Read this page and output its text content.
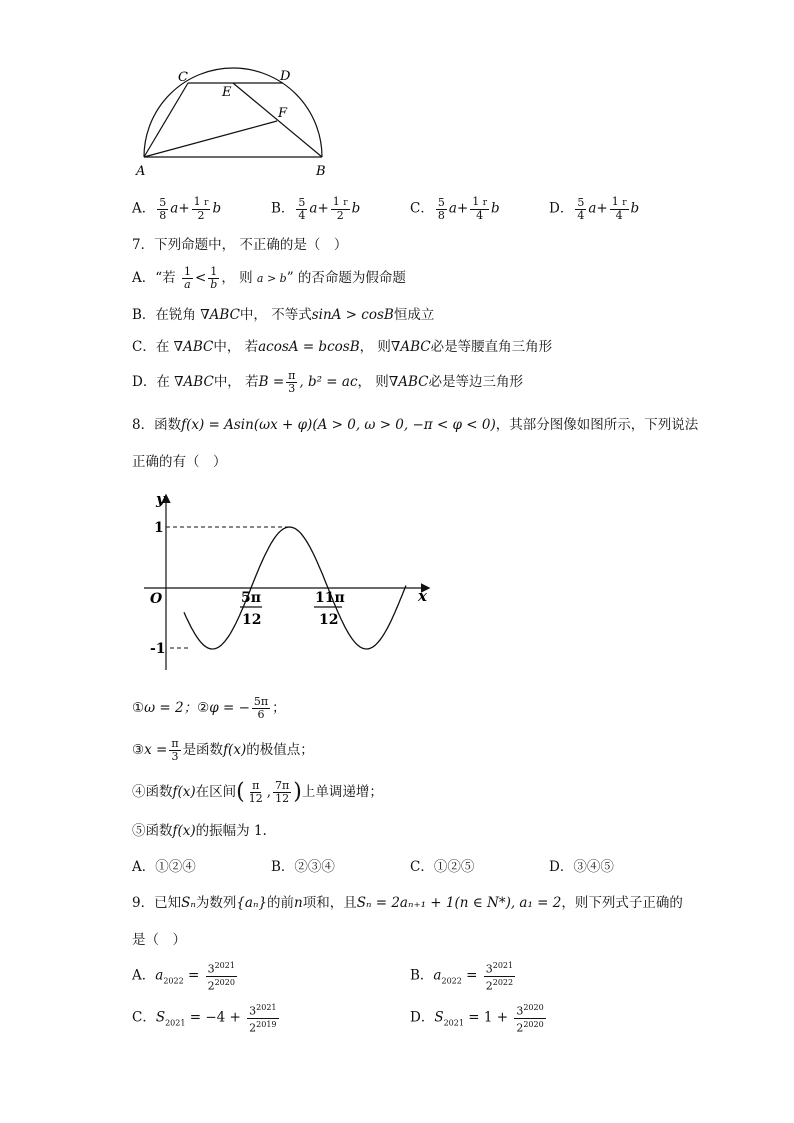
C	D
E
F
A	B
A． $\frac{5}{8} a+ \frac{1 r}{2}$ b	B． $\frac{5}{4} a+ \frac{1 r}{2}$ b	C． $\frac{5}{8} a+ \frac{1 r}{4}$ b	D． $\frac{5}{4} a+ \frac{1 r}{4}$ b
7．下列命题中， 不正确的是（　）
A．“若 $\frac{1}{a} < \frac{1}{b}$ ， 则 a > b” 的否命题为假命题
B．在锐角 ∇ABC中， 不等式sinA > cosB恒成立
C．在 ∇ABC中， 若acosA = bcosB， 则∇ABC必是等腰直角三角形
D．在 ∇ABC中， 若$B = \frac{\pi}{3}$ , b² = ac， 则∇ABC必是等边三角形
8．函数f(x) = Asin(ωx + φ)(A > 0, ω > 0, −π < φ < 0)，其部分图像如图所示，下列说法
正确的有（　）
y
x
O
1
-1
5π
12
11π
12
①ω = 2；②φ = − $\frac{5\pi}{6}$ ；
③x = $\frac{\pi}{3}$ 是函数f(x)的极值点；
④函数f(x)在区间( $\frac{\pi}{12}$ , $\frac{7\pi}{12}$ )上单调递增；
⑤函数f(x)的振幅为 1.
A．①②④	B．②③④	C．①②⑤	D．③④⑤
9．已知Sₙ为数列{aₙ}的前n项和，且Sₙ = 2aₙ₊₁ + 1(n ∈ N*), a₁ = 2，则下列式子正确的
是（　）
A．$a_{2022} = \frac{3^{2021}}{2^{2020}}$	B．$a_{2022} = \frac{3^{2021}}{2^{2022}}$
C．$S_{2021} = -4 + \frac{3^{2021}}{2^{2019}}$	D．$S_{2021} = 1 + \frac{3^{2020}}{2^{2020}}$
